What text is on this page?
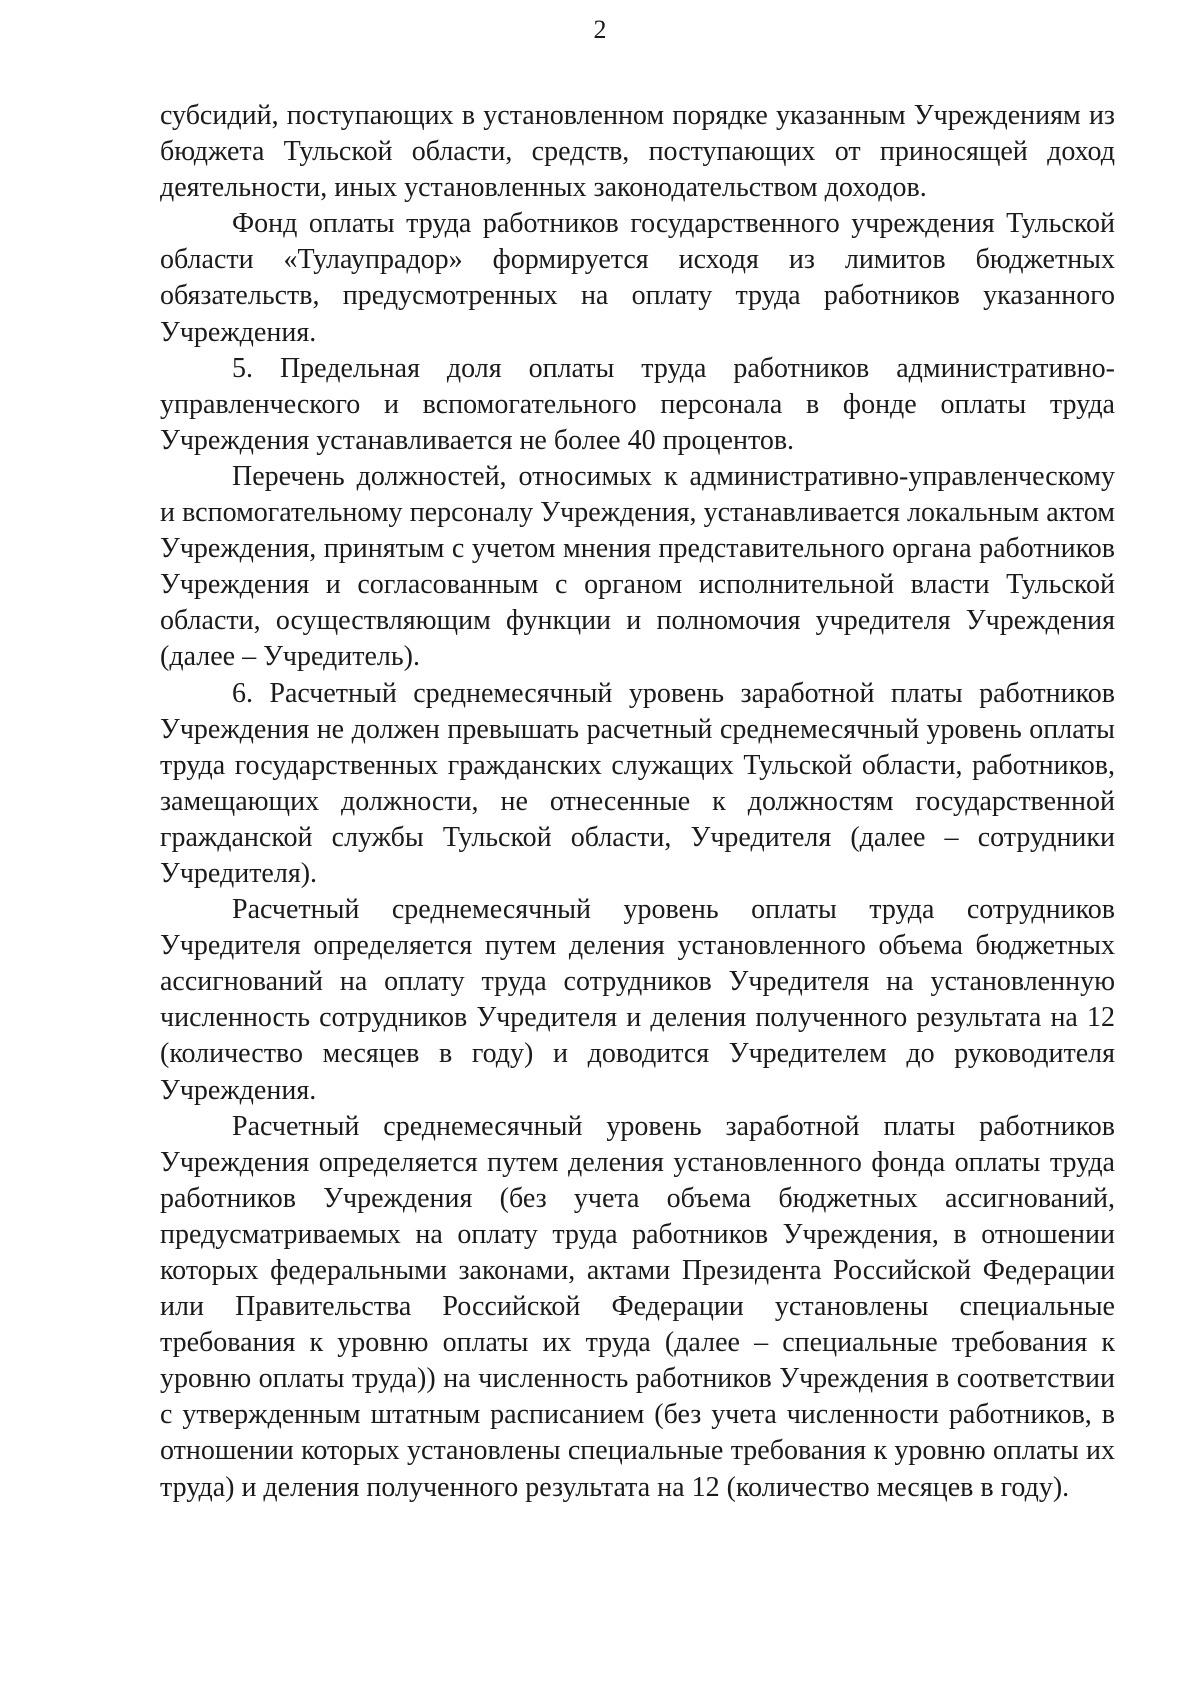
2

субсидий, поступающих в установленном порядке указанным Учреждениям из бюджета Тульской области, средств, поступающих от приносящей доход деятельности, иных установленных законодательством доходов.

Фонд оплаты труда работников государственного учреждения Тульской области «Тулаупрадор» формируется исходя из лимитов бюджетных обязательств, предусмотренных на оплату труда работников указанного Учреждения.

5. Предельная доля оплаты труда работников административно-управленческого и вспомогательного персонала в фонде оплаты труда Учреждения устанавливается не более 40 процентов.

Перечень должностей, относимых к административно-управленческому и вспомогательному персоналу Учреждения, устанавливается локальным актом Учреждения, принятым с учетом мнения представительного органа работников Учреждения и согласованным с органом исполнительной власти Тульской области, осуществляющим функции и полномочия учредителя Учреждения (далее – Учредитель).

6. Расчетный среднемесячный уровень заработной платы работников Учреждения не должен превышать расчетный среднемесячный уровень оплаты труда государственных гражданских служащих Тульской области, работников, замещающих должности, не отнесенные к должностям государственной гражданской службы Тульской области, Учредителя (далее – сотрудники Учредителя).

Расчетный среднемесячный уровень оплаты труда сотрудников Учредителя определяется путем деления установленного объема бюджетных ассигнований на оплату труда сотрудников Учредителя на установленную численность сотрудников Учредителя и деления полученного результата на 12 (количество месяцев в году) и доводится Учредителем до руководителя Учреждения.

Расчетный среднемесячный уровень заработной платы работников Учреждения определяется путем деления установленного фонда оплаты труда работников Учреждения (без учета объема бюджетных ассигнований, предусматриваемых на оплату труда работников Учреждения, в отношении которых федеральными законами, актами Президента Российской Федерации или Правительства Российской Федерации установлены специальные требования к уровню оплаты их труда (далее – специальные требования к уровню оплаты труда)) на численность работников Учреждения в соответствии с утвержденным штатным расписанием (без учета численности работников, в отношении которых установлены специальные требования к уровню оплаты их труда) и деления полученного результата на 12 (количество месяцев в году).
